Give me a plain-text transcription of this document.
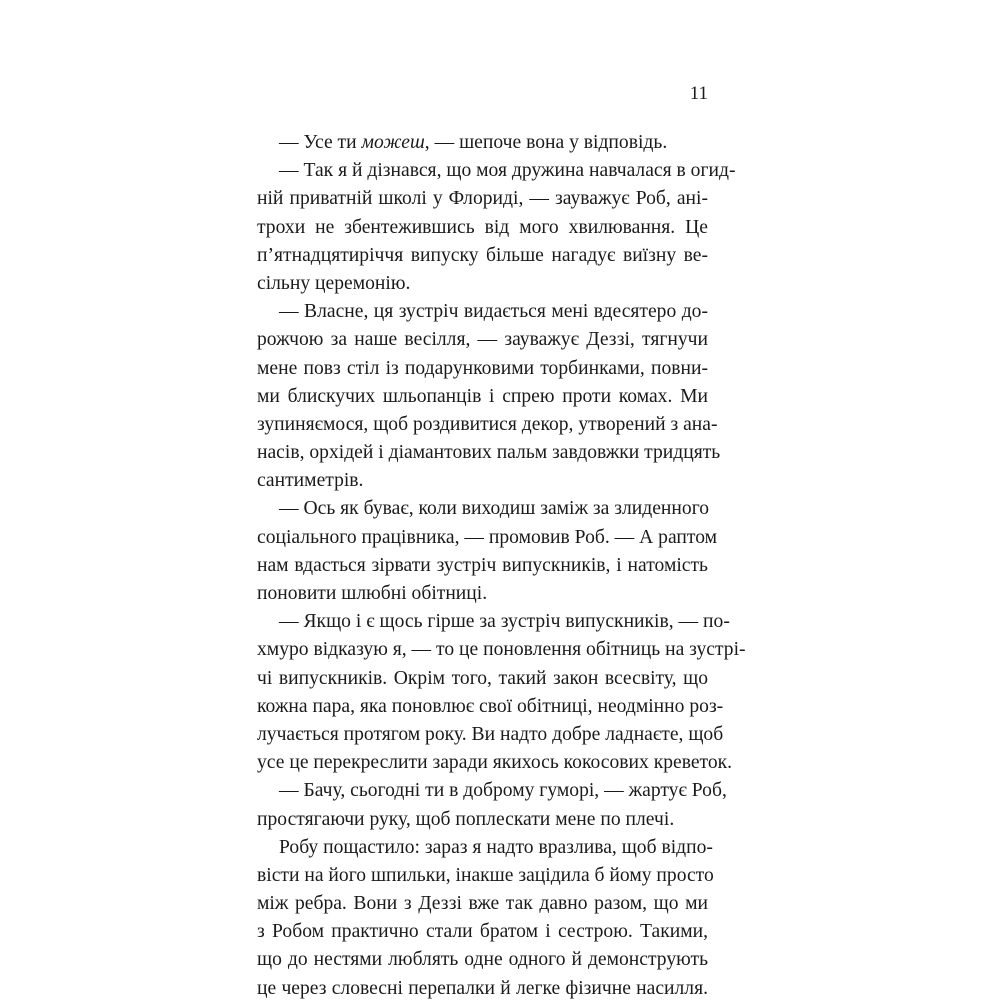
11
— Усе ти можеш, — шепоче вона у відповідь.
— Так я й дізнався, що моя дружина навчалася в огид-
ній приватній школі у Флориді, — зауважує Роб, ані-
трохи не збентежившись від мого хвилювання. Це
п’ятнадцятиріччя випуску більше нагадує виїзну ве-
сільну церемонію.
— Власне, ця зустріч видається мені вдесятеро до-
рожчою за наше весілля, — зауважує Деззі, тягнучи
мене повз стіл із подарунковими торбинками, повни-
ми блискучих шльопанців і спрею проти комах. Ми
зупиняємося, щоб роздивитися декор, утворений з ана-
насів, орхідей і діамантових пальм завдовжки тридцять
сантиметрів.
— Ось як буває, коли виходиш заміж за злиденного
соціального працівника, — промовив Роб. — А раптом
нам вдасться зірвати зустріч випускників, і натомість
поновити шлюбні обітниці.
— Якщо і є щось гірше за зустріч випускників, — по-
хмуро відказую я, — то це поновлення обітниць на зустрі-
чі випускників. Окрім того, такий закон всесвіту, що
кожна пара, яка поновлює свої обітниці, неодмінно роз-
лучається протягом року. Ви надто добре ладнаєте, щоб
усе це перекреслити заради якихось кокосових креветок.
— Бачу, сьогодні ти в доброму гуморі, — жартує Роб,
простягаючи руку, щоб поплескати мене по плечі.
Робу пощастило: зараз я надто вразлива, щоб відпо-
вісти на його шпильки, інакше зацідила б йому просто
між ребра. Вони з Деззі вже так давно разом, що ми
з Робом практично стали братом і сестрою. Такими,
що до нестями люблять одне одного й демонструють
це через словесні перепалки й легке фізичне насилля.
